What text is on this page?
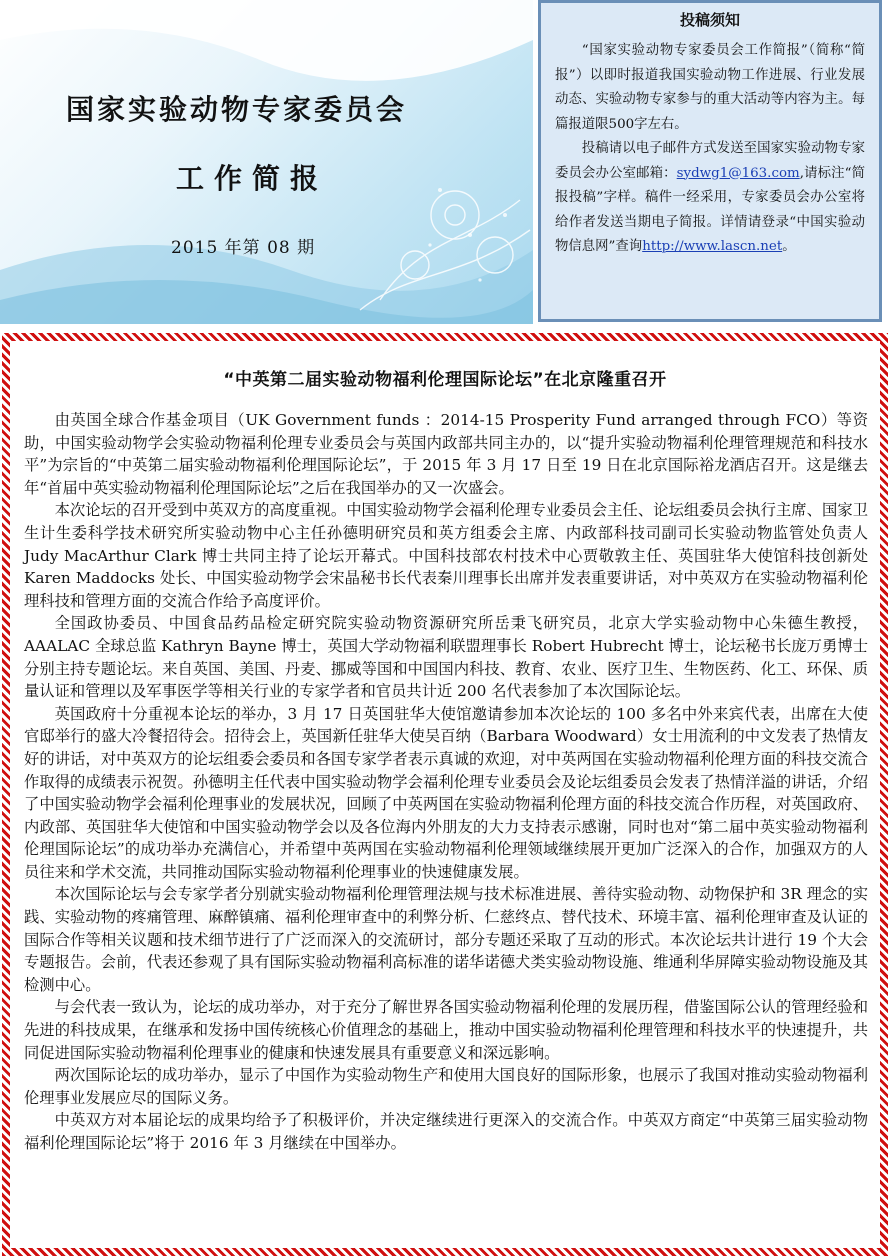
国家实验动物专家委员会
工作简报
2015 年第 08 期
投稿须知

“国家实验动物专家委员会工作简报”（简称“简报”）以即时报道我国实验动物工作进展、行业发展动态、实验动物专家参与的重大活动等内容为主。每篇报道限500字左右。

投稿请以电子邮件方式发送至国家实验动物专家委员会办公室邮箱：sydwg1@163.com,请标注“简报投稿”字样。稿件一经采用，专家委员会办公室将给作者发送当期电子简报。详情请登录“中国实验动物信息网”查询http://www.lascn.net。

“中英第二届实验动物福利伦理国际论坛”在北京隆重召开

由英国全球合作基金项目（UK Government funds ：2014-15 Prosperity Fund arranged through FCO）等资助，中国实验动物学会实验动物福利伦理专业委员会与英国内政部共同主办的，以“提升实验动物福利伦理管理规范和科技水平”为宗旨的“中英第二届实验动物福利伦理国际论坛”，于 2015 年 3 月 17 日至 19 日在北京国际裕龙酒店召开。这是继去年“首届中英实验动物福利伦理国际论坛”之后在我国举办的又一次盛会。

本次论坛的召开受到中英双方的高度重视。中国实验动物学会福利伦理专业委员会主任、论坛组委员会执行主席、国家卫生计生委科学技术研究所实验动物中心主任孙德明研究员和英方组委会主席、内政部科技司副司长实验动物监管处负责人 Judy MacArthur Clark 博士共同主持了论坛开幕式。中国科技部农村技术中心贾敬敦主任、英国驻华大使馆科技创新处 Karen Maddocks 处长、中国实验动物学会宋晶秘书长代表秦川理事长出席并发表重要讲话，对中英双方在实验动物福利伦理科技和管理方面的交流合作给予高度评价。

全国政协委员、中国食品药品检定研究院实验动物资源研究所岳秉飞研究员，北京大学实验动物中心朱德生教授，AAALAC 全球总监 Kathryn Bayne 博士，英国大学动物福利联盟理事长 Robert Hubrecht 博士，论坛秘书长庞万勇博士分别主持专题论坛。来自英国、美国、丹麦、挪威等国和中国国内科技、教育、农业、医疗卫生、生物医药、化工、环保、质量认证和管理以及军事医学等相关行业的专家学者和官员共计近 200 名代表参加了本次国际论坛。

英国政府十分重视本论坛的举办，3 月 17 日英国驻华大使馆邀请参加本次论坛的 100 多名中外来宾代表，出席在大使官邸举行的盛大冷餐招待会。招待会上，英国新任驻华大使吴百纳（Barbara Woodward）女士用流利的中文发表了热情友好的讲话，对中英双方的论坛组委会委员和各国专家学者表示真诚的欢迎，对中英两国在实验动物福利伦理方面的科技交流合作取得的成绩表示祝贺。孙德明主任代表中国实验动物学会福利伦理专业委员会及论坛组委员会发表了热情洋溢的讲话，介绍了中国实验动物学会福利伦理事业的发展状况，回顾了中英两国在实验动物福利伦理方面的科技交流合作历程，对英国政府、内政部、英国驻华大使馆和中国实验动物学会以及各位海内外朋友的大力支持表示感谢，同时也对“第二届中英实验动物福利伦理国际论坛”的成功举办充满信心，并希望中英两国在实验动物福利伦理领域继续展开更加广泛深入的合作，加强双方的人员往来和学术交流，共同推动国际实验动物福利伦理事业的快速健康发展。

本次国际论坛与会专家学者分别就实验动物福利伦理管理法规与技术标准进展、善待实验动物、动物保护和 3R 理念的实践、实验动物的疼痛管理、麻醉镇痛、福利伦理审查中的利弊分析、仁慈终点、替代技术、环境丰富、福利伦理审查及认证的国际合作等相关议题和技术细节进行了广泛而深入的交流研讨，部分专题还采取了互动的形式。本次论坛共计进行 19 个大会专题报告。会前，代表还参观了具有国际实验动物福利高标准的诺华诺德犬类实验动物设施、维通利华屏障实验动物设施及其检测中心。

与会代表一致认为，论坛的成功举办，对于充分了解世界各国实验动物福利伦理的发展历程，借鉴国际公认的管理经验和先进的科技成果，在继承和发扬中国传统核心价值理念的基础上，推动中国实验动物福利伦理管理和科技水平的快速提升，共同促进国际实验动物福利伦理事业的健康和快速发展具有重要意义和深远影响。

两次国际论坛的成功举办，显示了中国作为实验动物生产和使用大国良好的国际形象，也展示了我国对推动实验动物福利伦理事业发展应尽的国际义务。

中英双方对本届论坛的成果均给予了积极评价，并决定继续进行更深入的交流合作。中英双方商定“中英第三届实验动物福利伦理国际论坛”将于 2016 年 3 月继续在中国举办。
